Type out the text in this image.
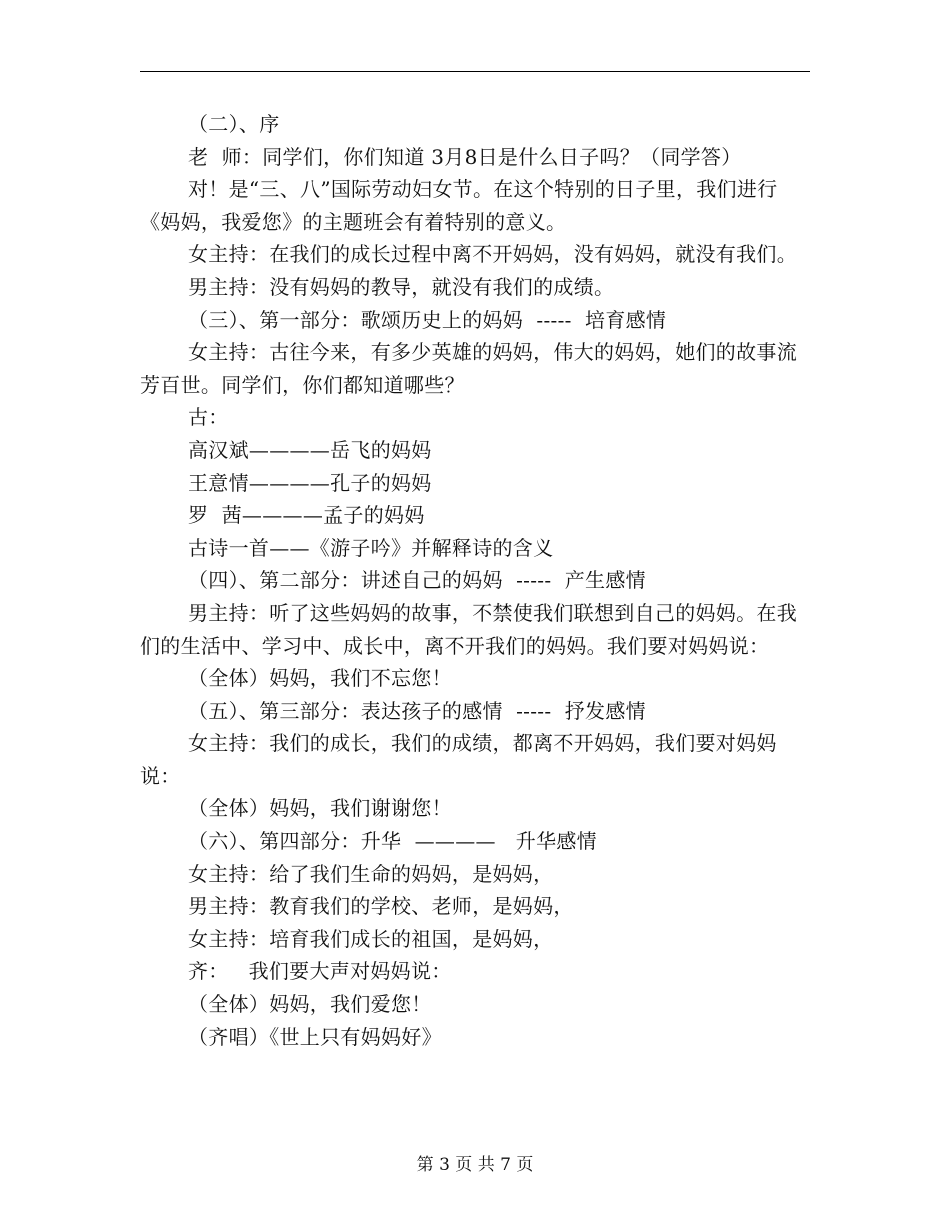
（二）、序

老  师：同学们，你们知道 3月8日是什么日子吗？（同学答）

对！是“三、八”国际劳动妇女节。在这个特别的日子里，我们进行《妈妈，我爱您》的主题班会有着特别的意义。

女主持：在我们的成长过程中离不开妈妈，没有妈妈，就没有我们。

男主持：没有妈妈的教导，就没有我们的成绩。

（三）、第一部分：歌颂历史上的妈妈  -----  培育感情

女主持：古往今来，有多少英雄的妈妈，伟大的妈妈，她们的故事流芳百世。同学们，你们都知道哪些？

古：

高汉斌————岳飞的妈妈

王意情————孔子的妈妈

罗  茜————孟子的妈妈

古诗一首——《游子吟》并解释诗的含义

（四）、第二部分：讲述自己的妈妈  -----  产生感情

男主持：听了这些妈妈的故事，不禁使我们联想到自己的妈妈。在我们的生活中、学习中、成长中，离不开我们的妈妈。我们要对妈妈说：

（全体）妈妈，我们不忘您！

（五）、第三部分：表达孩子的感情  -----  抒发感情

女主持：我们的成长，我们的成绩，都离不开妈妈，我们要对妈妈说：

（全体）妈妈，我们谢谢您！

（六）、第四部分：升华  ————   升华感情

女主持：给了我们生命的妈妈，是妈妈，

男主持：教育我们的学校、老师，是妈妈，

女主持：培育我们成长的祖国，是妈妈，

齐：   我们要大声对妈妈说：

（全体）妈妈，我们爱您！

（齐唱）《世上只有妈妈好》

第 3 页 共 7 页
